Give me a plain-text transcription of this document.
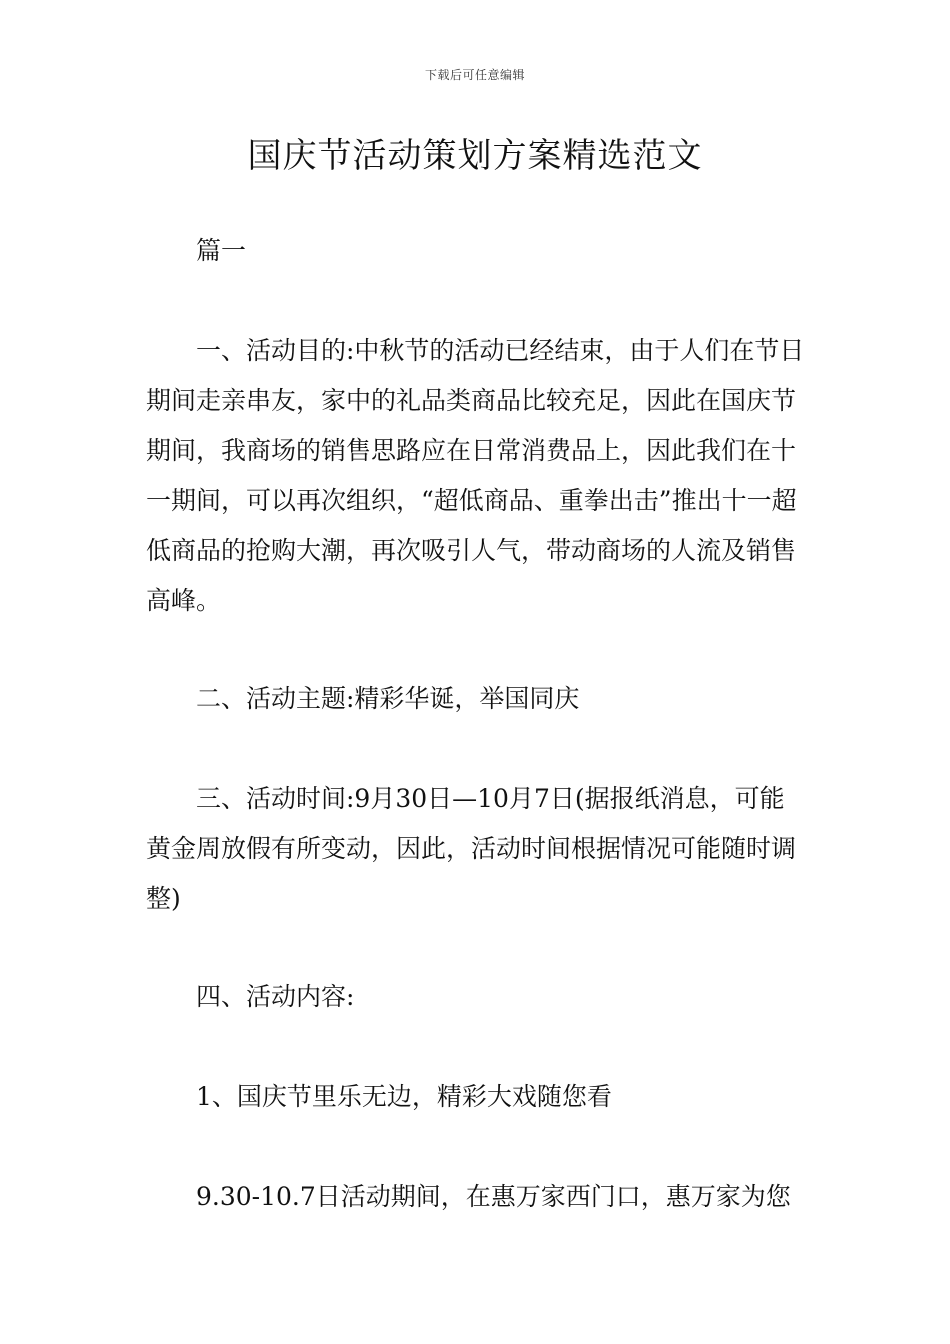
下载后可任意编辑
国庆节活动策划方案精选范文

篇一

一、活动目的:中秋节的活动已经结束，由于人们在节日期间走亲串友，家中的礼品类商品比较充足，因此在国庆节期间，我商场的销售思路应在日常消费品上，因此我们在十一期间，可以再次组织，“超低商品、重拳出击”推出十一超低商品的抢购大潮，再次吸引人气，带动商场的人流及销售高峰。

二、活动主题:精彩华诞，举国同庆

三、活动时间:9月30日—10月7日(据报纸消息，可能黄金周放假有所变动，因此，活动时间根据情况可能随时调整)

四、活动内容:

1、国庆节里乐无边，精彩大戏随您看

9.30-10.7日活动期间，在惠万家西门口，惠万家为您
